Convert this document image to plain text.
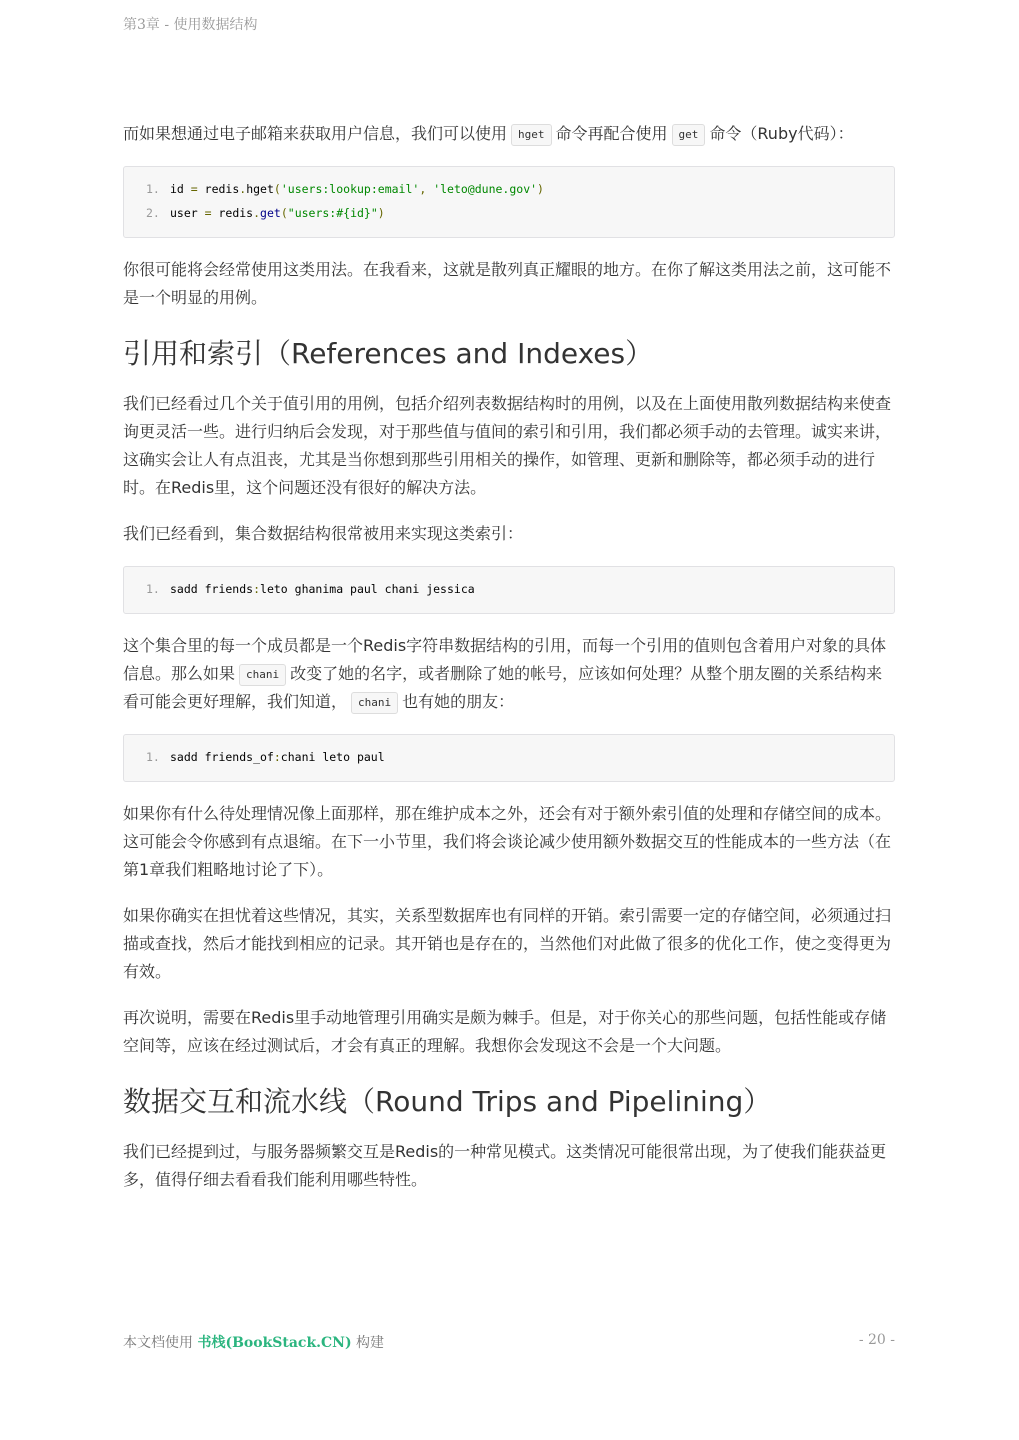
第3章 - 使用数据结构

而如果想通过电子邮箱来获取用户信息，我们可以使用 hget 命令再配合使用 get 命令（Ruby代码）：

1. id = redis.hget('users:lookup:email', 'leto@dune.gov')
2. user = redis.get("users:#{id}")

你很可能将会经常使用这类用法。在我看来，这就是散列真正耀眼的地方。在你了解这类用法之前，这可能不是一个明显的用例。

引用和索引（References and Indexes）

我们已经看过几个关于值引用的用例，包括介绍列表数据结构时的用例，以及在上面使用散列数据结构来使查询更灵活一些。进行归纳后会发现，对于那些值与值间的索引和引用，我们都必须手动的去管理。诚实来讲，这确实会让人有点沮丧，尤其是当你想到那些引用相关的操作，如管理、更新和删除等，都必须手动的进行时。在Redis里，这个问题还没有很好的解决方法。

我们已经看到，集合数据结构很常被用来实现这类索引：

1. sadd friends:leto ghanima paul chani jessica

这个集合里的每一个成员都是一个Redis字符串数据结构的引用，而每一个引用的值则包含着用户对象的具体信息。那么如果 chani 改变了她的名字，或者删除了她的帐号，应该如何处理？从整个朋友圈的关系结构来看可能会更好理解，我们知道， chani 也有她的朋友：

1. sadd friends_of:chani leto paul

如果你有什么待处理情况像上面那样，那在维护成本之外，还会有对于额外索引值的处理和存储空间的成本。这可能会令你感到有点退缩。在下一小节里，我们将会谈论减少使用额外数据交互的性能成本的一些方法（在第1章我们粗略地讨论了下）。

如果你确实在担忧着这些情况，其实，关系型数据库也有同样的开销。索引需要一定的存储空间，必须通过扫描或查找，然后才能找到相应的记录。其开销也是存在的，当然他们对此做了很多的优化工作，使之变得更为有效。

再次说明，需要在Redis里手动地管理引用确实是颇为棘手。但是，对于你关心的那些问题，包括性能或存储空间等，应该在经过测试后，才会有真正的理解。我想你会发现这不会是一个大问题。

数据交互和流水线（Round Trips and Pipelining）

我们已经提到过，与服务器频繁交互是Redis的一种常见模式。这类情况可能很常出现，为了使我们能获益更多，值得仔细去看看我们能利用哪些特性。

本文档使用 书栈(BookStack.CN) 构建	- 20 -
